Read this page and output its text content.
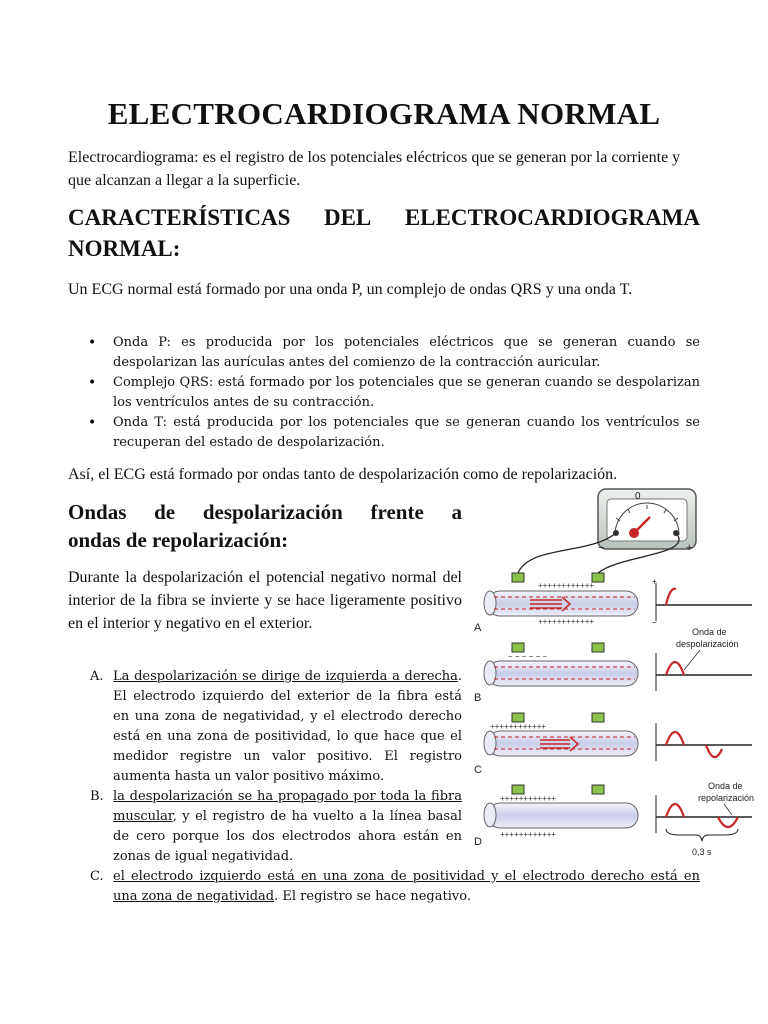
ELECTROCARDIOGRAMA NORMAL
Electrocardiograma: es el registro de los potenciales eléctricos que se generan por la corriente y que alcanzan a llegar a la superficie.
CARACTERÍSTICAS DEL ELECTROCARDIOGRAMA
NORMAL:
Un ECG normal está formado por una onda P, un complejo de ondas QRS y una onda T.
• Onda P: es producida por los potenciales eléctricos que se generan cuando se despolarizan las aurículas antes del comienzo de la contracción auricular.
• Complejo QRS: está formado por los potenciales que se generan cuando se despolarizan los ventrículos antes de su contracción.
• Onda T: está producida por los potenciales que se generan cuando los ventrículos se recuperan del estado de despolarización.
Así, el ECG está formado por ondas tanto de despolarización como de repolarización.
Ondas de despolarización frente a
ondas de repolarización:
Durante la despolarización el potencial negativo normal del interior de la fibra se invierte y se hace ligeramente positivo en el interior y negativo en el exterior.
A. La despolarización se dirige de izquierda a derecha. El electrodo izquierdo del exterior de la fibra está en una zona de negatividad, y el electrodo derecho está en una zona de positividad, lo que hace que el medidor registre un valor positivo. El registro aumenta hasta un valor positivo máximo.
B. la despolarización se ha propagado por toda la fibra muscular, y el registro de ha vuelto a la línea basal de cero porque los dos electrodos ahora están en zonas de igual negatividad.
C. el electrodo izquierdo está en una zona de positividad y el electrodo derecho está en una zona de negatividad. El registro se hace negativo.
0
−	+
++++++++++++
++++++++++++
A
+
−
Onda de
despolarización
− − − − − −
B
++++++++++++
C
Onda de
repolarización
++++++++++++
++++++++++++
D
0,3 s
